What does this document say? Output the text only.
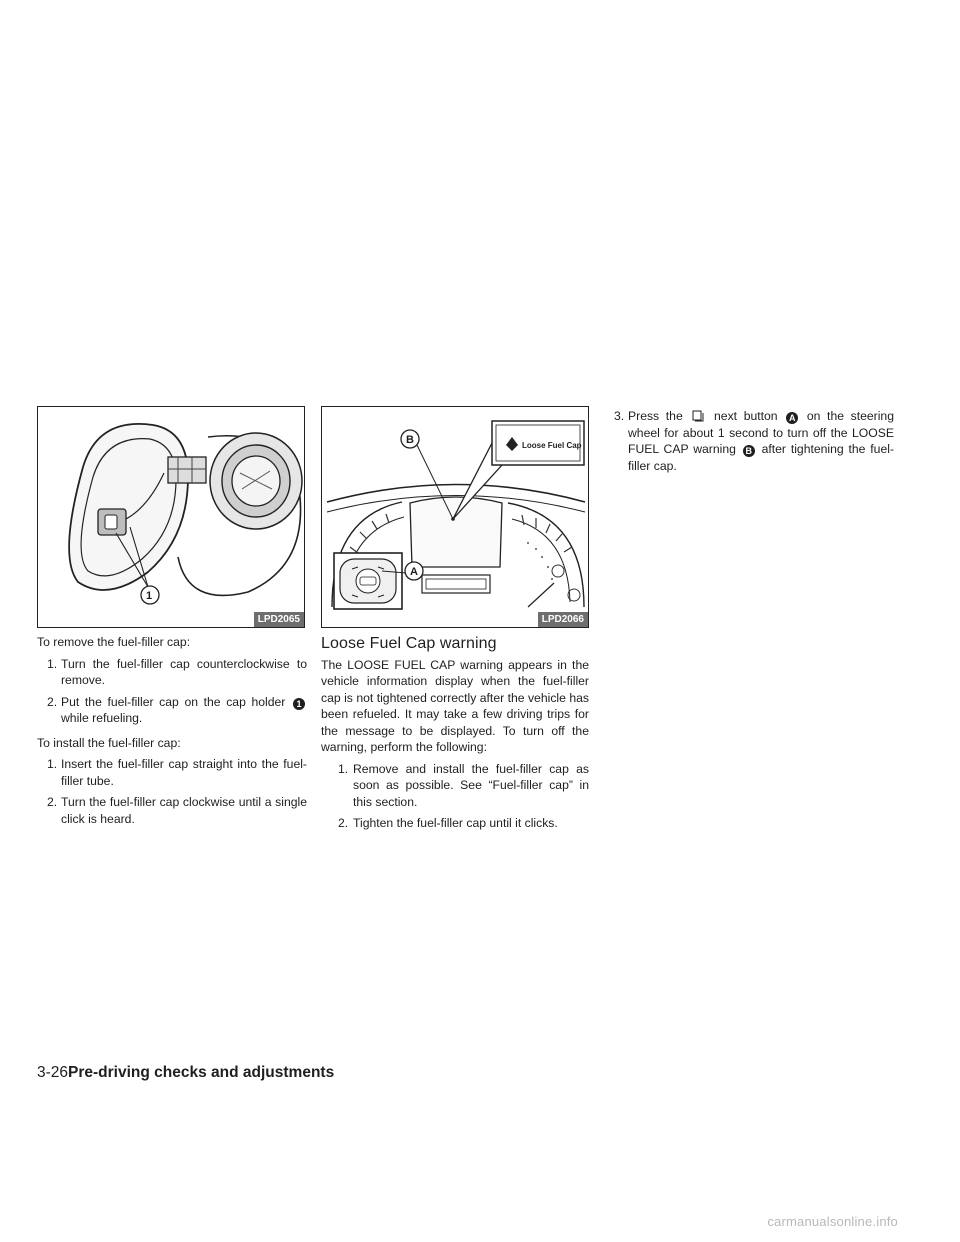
1
LPD2065

To remove the fuel-filler cap:

1. Turn the fuel-filler cap counterclockwise to remove.
2. Put the fuel-filler cap on the cap holder 1 while refueling.

To install the fuel-filler cap:

1. Insert the fuel-filler cap straight into the fuel-filler tube.
2. Turn the fuel-filler cap clockwise until a single click is heard.
Loose Fuel Cap
B
A
LPD2066
Loose Fuel Cap warning

The LOOSE FUEL CAP warning appears in the vehicle information display when the fuel-filler cap is not tightened correctly after the vehicle has been refueled. It may take a few driving trips for the message to be displayed. To turn off the warning, perform the following:

1. Remove and install the fuel-filler cap as soon as possible. See “Fuel-filler cap” in this section.
2. Tighten the fuel-filler cap until it clicks.
3. Press the	next button A on the steering wheel for about 1 second to turn off the LOOSE FUEL CAP warning B after tightening the fuel-filler cap.
3-26Pre-driving checks and adjustments
carmanualsonline.info
